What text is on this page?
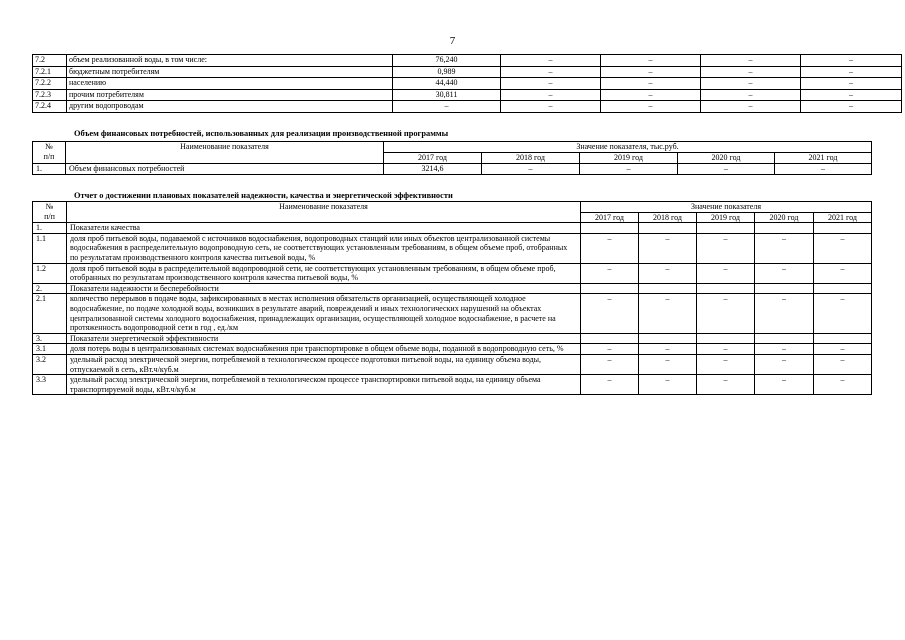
7
7.2	объем реализованной воды, в том числе:	76,240	–	–	–	–
7.2.1	бюджетным потребителям	0,989	–	–	–	–
7.2.2	населению	44,440	–	–	–	–
7.2.3	прочим потребителям	30,811	–	–	–	–
7.2.4	другим водопроводам	–	–	–	–	–
Объем финансовых потребностей, использованных для реализации производственной программы
№
п/п	Наименование показателя	Значение показателя, тыс.руб.				
		2017 год	2018 год	2019 год	2020 год	2021 год
1.	Объем финансовых потребностей	3214,6	–	–	–	–
Отчет о достижении плановых показателей надежности, качества и энергетической эффективности
№
п/п	Наименование показателя	Значение показателя				
		2017 год	2018 год	2019 год	2020 год	2021 год
1.	Показатели качества					
1.1	доля проб питьевой воды, подаваемой с источников водоснабжения, водопроводных станций или иных объектов централизованной системы водоснабжения в распределительную водопроводную сеть, не соответствующих установленным требованиям, в общем объеме проб, отобранных по результатам производственного контроля качества питьевой воды, %	–	–	–	–	–
1.2	доля проб питьевой воды в распределительной водопроводной сети, не соответствующих установленным требованиям, в общем объеме проб, отобранных по результатам производственного контроля качества питьевой воды, %	–	–	–	–	–
2.	Показатели надежности и бесперебойности					
2.1	количество перерывов в подаче воды, зафиксированных в местах исполнения обязательств организацией, осуществляющей холодное водоснабжение, по подаче холодной воды, возникших в результате аварий, повреждений и иных технологических нарушений на объектах централизованной системы холодного водоснабжения, принадлежащих организации, осуществляющей холодное водоснабжение, в расчете на протяженность водопроводной сети в год , ед./км	–	–	–	–	–
3.	Показатели энергетической эффективности					
3.1	доля потерь воды в централизованных системах водоснабжения при транспортировке в общем объеме воды, поданной в водопроводную сеть, %	–	–	–	–	–
3.2	удельный расход электрической энергии, потребляемой в технологическом процессе подготовки питьевой воды, на единицу объема воды, отпускаемой в сеть, кВт.ч/куб.м	–	–	–	–	–
3.3	удельный расход электрической энергии, потребляемой в технологическом процессе транспортировки питьевой воды, на единицу объема транспортируемой воды, кВт.ч/куб.м	–	–	–	–	–
